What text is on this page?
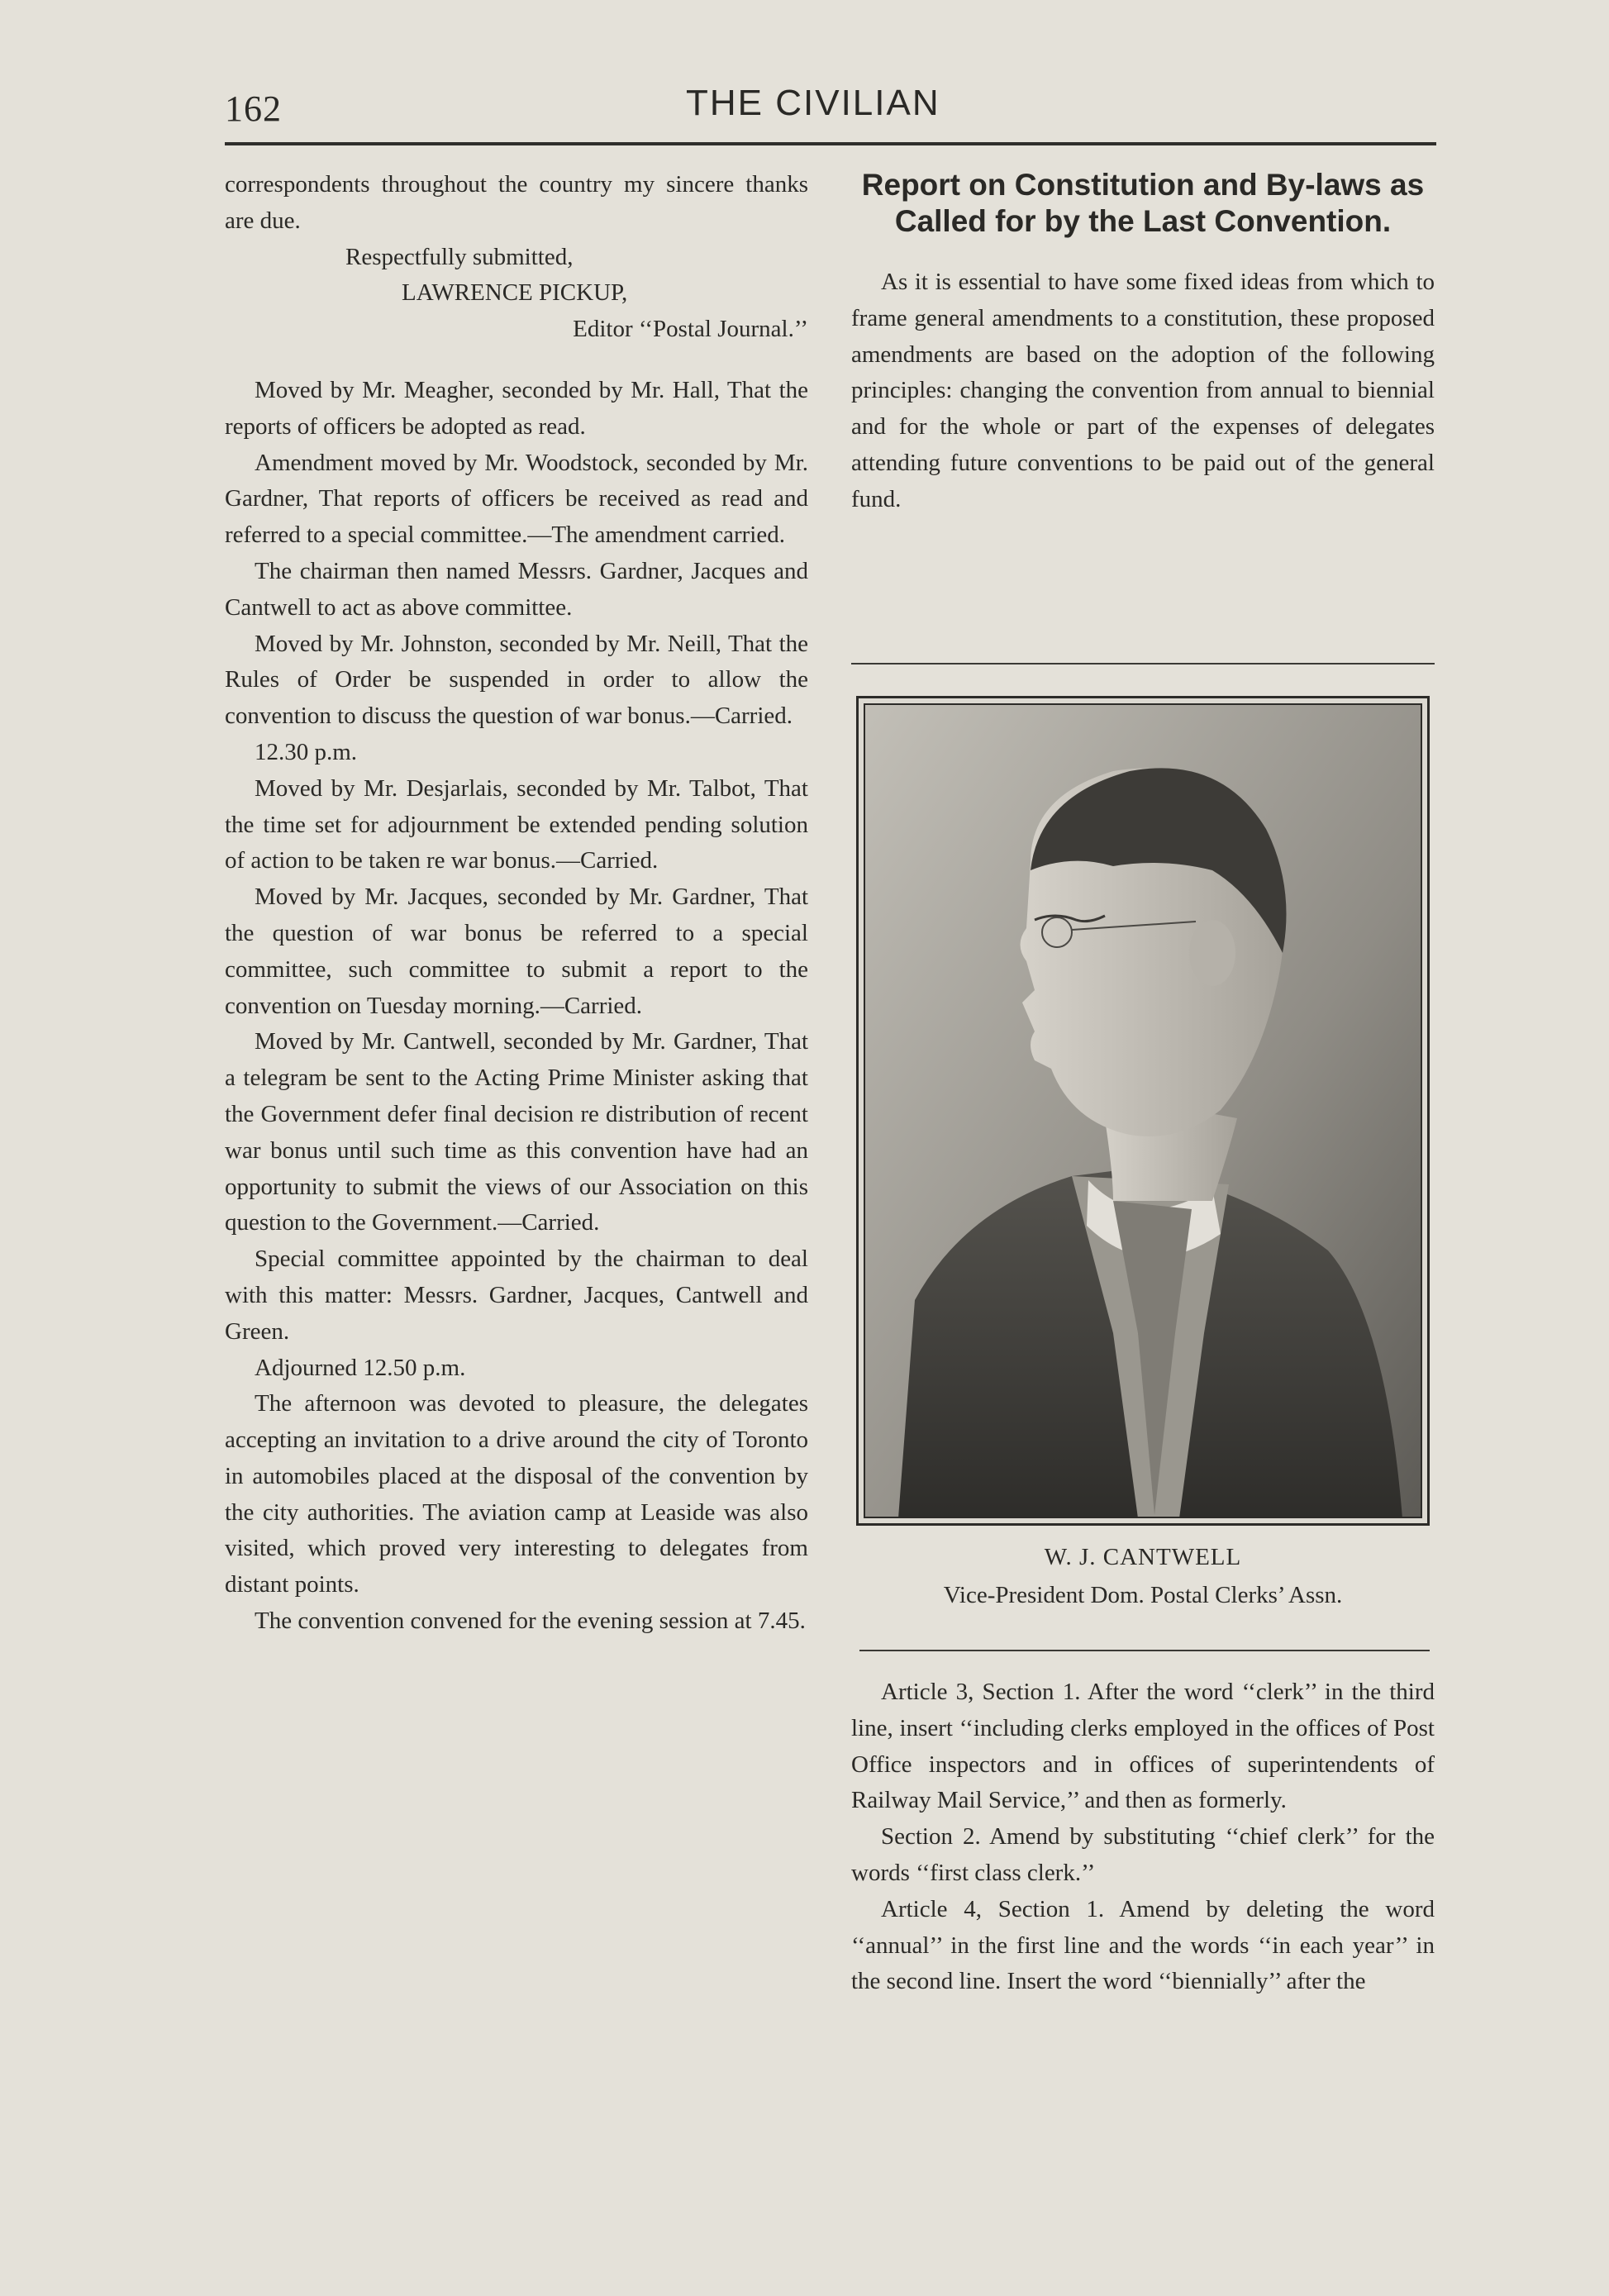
162	THE CIVILIAN

correspondents throughout the country my sincere thanks are due.

Respectfully submitted,

LAWRENCE PICKUP,

Editor ‘‘Postal Journal.’’

Moved by Mr. Meagher, seconded by Mr. Hall, That the reports of officers be adopted as read.

Amendment moved by Mr. Woodstock, seconded by Mr. Gardner, That reports of officers be received as read and referred to a special committee.—The amendment carried.

The chairman then named Messrs. Gardner, Jacques and Cantwell to act as above committee.

Moved by Mr. Johnston, seconded by Mr. Neill, That the Rules of Order be suspended in order to allow the convention to discuss the question of war bonus.—Carried.

12.30 p.m.

Moved by Mr. Desjarlais, seconded by Mr. Talbot, That the time set for adjournment be extended pending solution of action to be taken re war bonus.—Carried.

Moved by Mr. Jacques, seconded by Mr. Gardner, That the question of war bonus be referred to a special committee, such committee to submit a report to the convention on Tuesday morning.—Carried.

Moved by Mr. Cantwell, seconded by Mr. Gardner, That a telegram be sent to the Acting Prime Minister asking that the Government defer final decision re distribution of recent war bonus until such time as this convention have had an opportunity to submit the views of our Association on this question to the Government.—Carried.

Special committee appointed by the chairman to deal with this matter: Messrs. Gardner, Jacques, Cantwell and Green.

Adjourned 12.50 p.m.

The afternoon was devoted to pleasure, the delegates accepting an invitation to a drive around the city of Toronto in automobiles placed at the disposal of the convention by the city authorities. The aviation camp at Leaside was also visited, which proved very interesting to delegates from distant points.

The convention convened for the evening session at 7.45.

Report on Constitution and By-laws as Called for by the Last Convention.

As it is essential to have some fixed ideas from which to frame general amendments to a constitution, these proposed amendments are based on the adoption of the following principles: changing the convention from annual to biennial and for the whole or part of the expenses of delegates attending future conventions to be paid out of the general fund.

W. J. CANTWELL
Vice-President Dom. Postal Clerks’ Assn.

Article 3, Section 1. After the word ‘‘clerk’’ in the third line, insert ‘‘including clerks employed in the offices of Post Office inspectors and in offices of superintendents of Railway Mail Service,’’ and then as formerly.

Section 2. Amend by substituting ‘‘chief clerk’’ for the words ‘‘first class clerk.’’

Article 4, Section 1. Amend by deleting the word ‘‘annual’’ in the first line and the words ‘‘in each year’’ in the second line. Insert the word ‘‘biennially’’ after the
